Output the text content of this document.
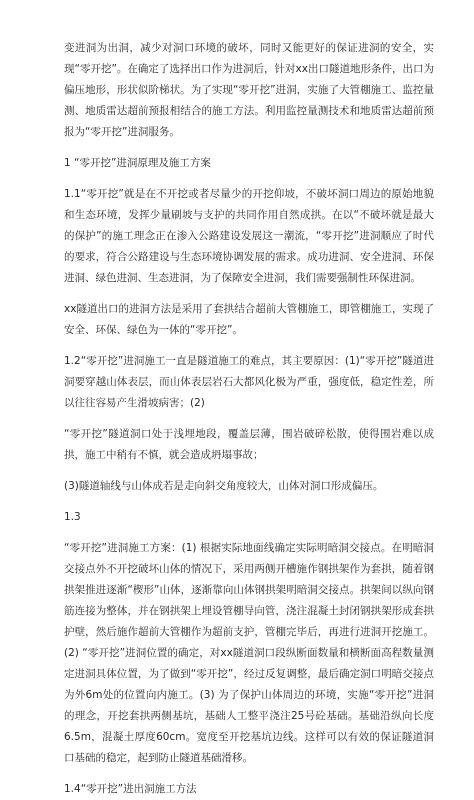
变进洞为出洞，减少对洞口环境的破坏，同时又能更好的保证进洞的安全，实现“零开挖”。在确定了选择出口作为进洞后，针对xx出口隧道地形条件，出口为偏压地形，形状似阶梯状。为了实现“零开挖”进洞，实施了大管棚施工、监控量测、地质雷达超前预报相结合的施工方法。利用监控量测技术和地质雷达超前预报为“零开挖”进洞服务。

1 “零开挖”进洞原理及施工方案

1.1“零开挖”就是在不开挖或者尽量少的开挖仰坡，不破坏洞口周边的原始地貌和生态环境，发挥少量刷坡与支护的共同作用自然成拱。在以“不破坏就是最大的保护”的施工理念正在渗入公路建设发展这一潮流，“零开挖”进洞顺应了时代的要求，符合公路建设与生态环境协调发展的需求。成功进洞、安全进洞、环保进洞、绿色进洞、生态进洞，为了保障安全进洞，我们需要强制性环保进洞。

xx隧道出口的进洞方法是采用了套拱结合超前大管棚施工，即管棚施工，实现了安全、环保、绿色为一体的“零开挖”。

1.2“零开挖”进洞施工一直是隧道施工的难点，其主要原因：(1)“零开挖”隧道进洞要穿越山体表层，而山体表层岩石大都风化极为严重，强度低，稳定性差，所以往往容易产生滑坡病害；(2)

“零开挖”隧道洞口处于浅埋地段，覆盖层薄，围岩破碎松散，使得围岩难以成拱，施工中稍有不慎，就会造成坍塌事故；

(3)隧道轴线与山体成若是走向斜交角度较大，山体对洞口形成偏压。

1.3

“零开挖”进洞施工方案：(1) 根据实际地面线确定实际明暗洞交接点。在明暗洞交接点外不开挖破坏山体的情况下，采用两侧开槽施作钢拱架作为套拱，随着钢拱架推进逐渐“楔形”山体，逐渐靠向山体钢拱架明暗洞交接点。拱架间以纵向钢筋连接为整体，并在钢拱架上埋设管棚导向管，浇注混凝土封闭钢拱架形成套拱护壁，然后施作超前大管棚作为超前支护，管棚完毕后，再进行进洞开挖施工。(2) “零开挖”进洞位置的确定，对xx隧道洞口段纵断面数量和横断面高程数量测定进洞具体位置，为了做到“零开挖”，经过反复调整，最后确定洞口明暗交接点为外6m处的位置向内施工。(3) 为了保护山体周边的环境，实施“零开挖”进洞的理念，开挖套拱两侧基坑，基础人工整平浇注25号砼基础。基础沿纵向长度6.5m，混凝土厚度60cm。宽度至开挖基坑边线。这样可以有效的保证隧道洞口基础的稳定，起到防止隧道基础滑移。

1.4“零开挖”进出洞施工方法
